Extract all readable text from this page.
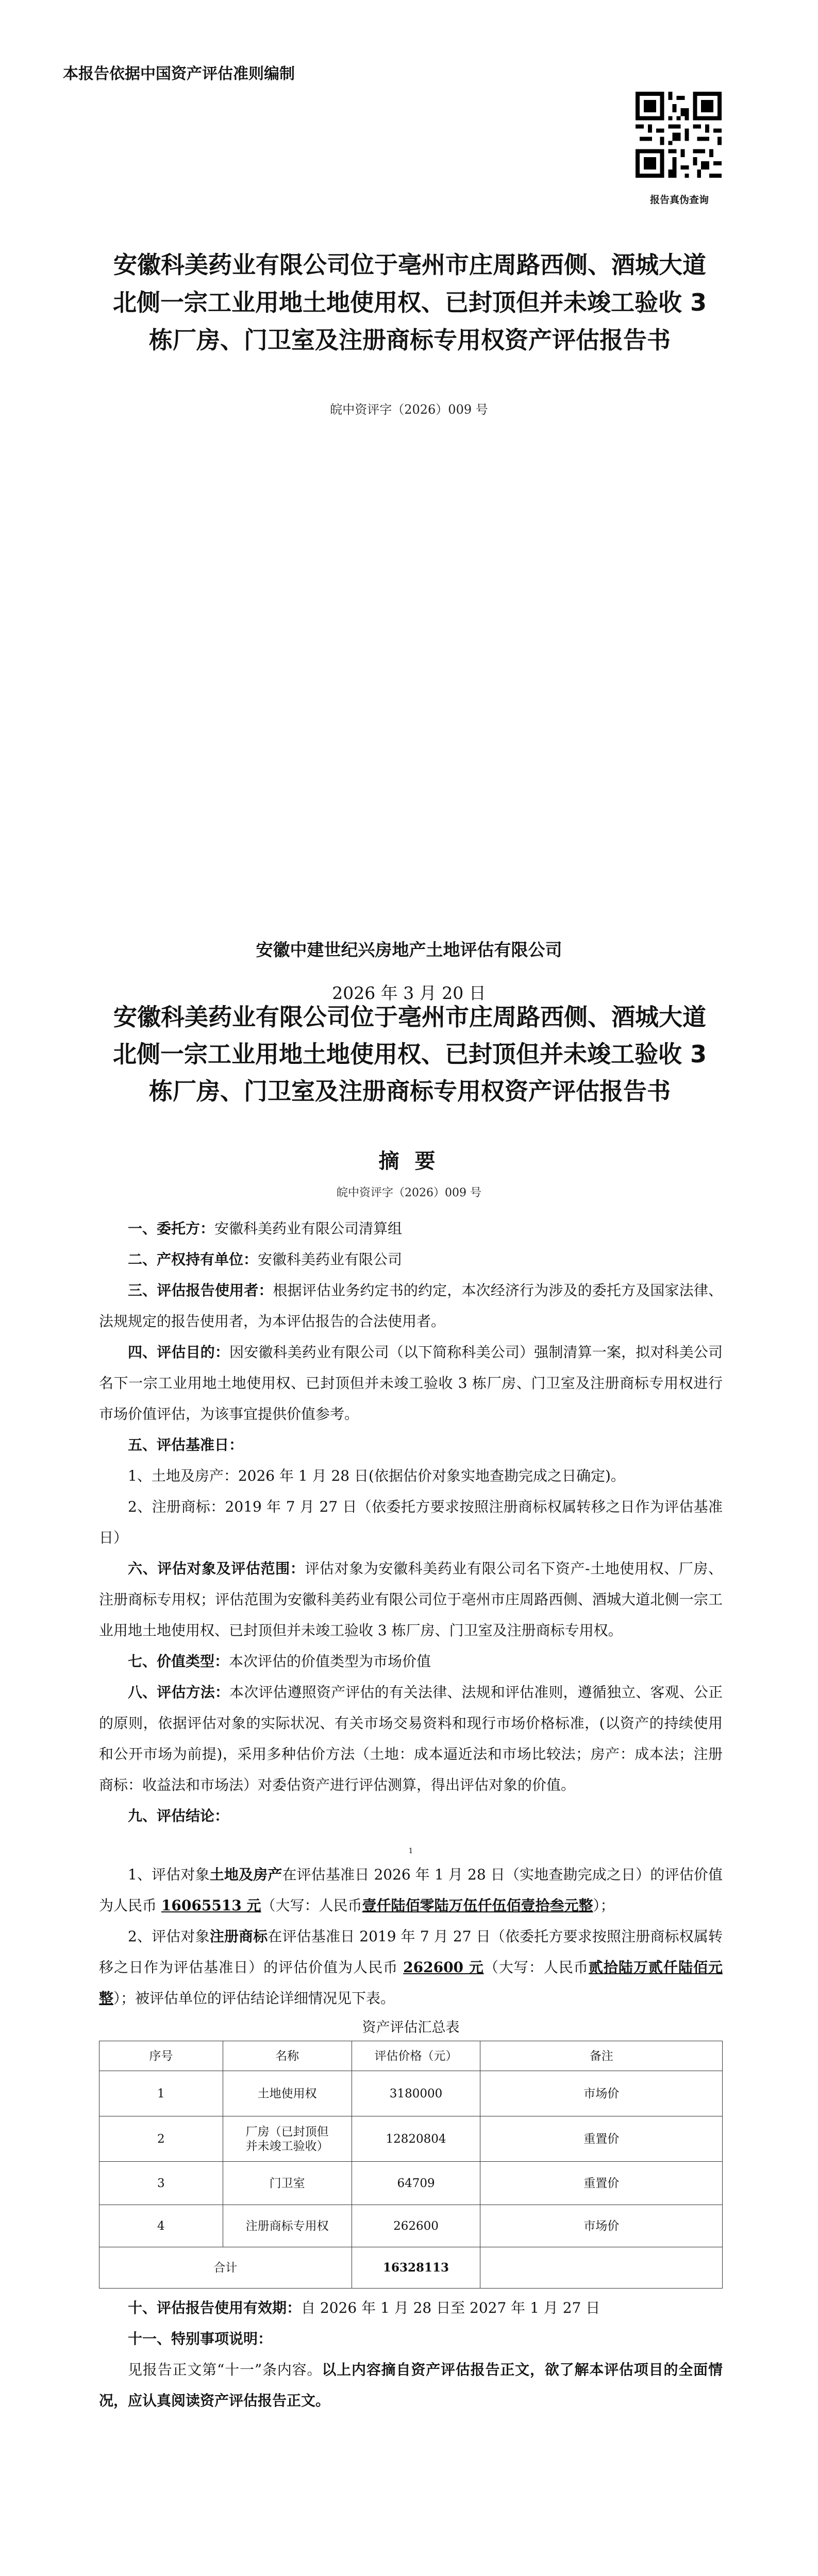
本报告依据中国资产评估准则编制
报告真伪查询
安徽科美药业有限公司位于亳州市庄周路西侧、酒城大道
北侧一宗工业用地土地使用权、已封顶但并未竣工验收 3
栋厂房、门卫室及注册商标专用权资产评估报告书
皖中资评字（2026）009 号
安徽中建世纪兴房地产土地评估有限公司
2026 年 3 月 20 日
安徽科美药业有限公司位于亳州市庄周路西侧、酒城大道
北侧一宗工业用地土地使用权、已封顶但并未竣工验收 3
栋厂房、门卫室及注册商标专用权资产评估报告书
摘 要
皖中资评字（2026）009 号
一、委托方：安徽科美药业有限公司清算组
二、产权持有单位：安徽科美药业有限公司
三、评估报告使用者：根据评估业务约定书的约定，本次经济行为涉及的委托方及国家法律、法规规定的报告使用者，为本评估报告的合法使用者。
四、评估目的：因安徽科美药业有限公司（以下简称科美公司）强制清算一案，拟对科美公司名下一宗工业用地土地使用权、已封顶但并未竣工验收 3 栋厂房、门卫室及注册商标专用权进行市场价值评估，为该事宜提供价值参考。
五、评估基准日：
1、土地及房产：2026 年 1 月 28 日(依据估价对象实地查勘完成之日确定)。
2、注册商标：2019 年 7 月 27 日（依委托方要求按照注册商标权属转移之日作为评估基准日）
六、评估对象及评估范围：评估对象为安徽科美药业有限公司名下资产-土地使用权、厂房、注册商标专用权；评估范围为安徽科美药业有限公司位于亳州市庄周路西侧、酒城大道北侧一宗工业用地土地使用权、已封顶但并未竣工验收 3 栋厂房、门卫室及注册商标专用权。
七、价值类型：本次评估的价值类型为市场价值
八、评估方法：本次评估遵照资产评估的有关法律、法规和评估准则，遵循独立、客观、公正的原则，依据评估对象的实际状况、有关市场交易资料和现行市场价格标准，(以资产的持续使用和公开市场为前提)，采用多种估价方法（土地：成本逼近法和市场比较法；房产：成本法；注册商标：收益法和市场法）对委估资产进行评估测算，得出评估对象的价值。
九、评估结论：
1
1、评估对象土地及房产在评估基准日 2026 年 1 月 28 日（实地查勘完成之日）的评估价值为人民币 16065513 元（大写：人民币壹仟陆佰零陆万伍仟伍佰壹拾叁元整）；
2、评估对象注册商标在评估基准日 2019 年 7 月 27 日（依委托方要求按照注册商标权属转移之日作为评估基准日）的评估价值为人民币 262600 元（大写：人民币贰拾陆万贰仟陆佰元整）；被评估单位的评估结论详细情况见下表。
资产评估汇总表
序号	名称	评估价格（元）	备注
1	土地使用权	3180000	市场价
2	厂房（已封顶但并未竣工验收）	12820804	重置价
3	门卫室	64709	重置价
4	注册商标专用权	262600	市场价
合计		16328113	
十、评估报告使用有效期：自 2026 年 1 月 28 日至 2027 年 1 月 27 日
十一、特别事项说明：
见报告正文第“十一”条内容。以上内容摘自资产评估报告正文，欲了解本评估项目的全面情况，应认真阅读资产评估报告正文。
